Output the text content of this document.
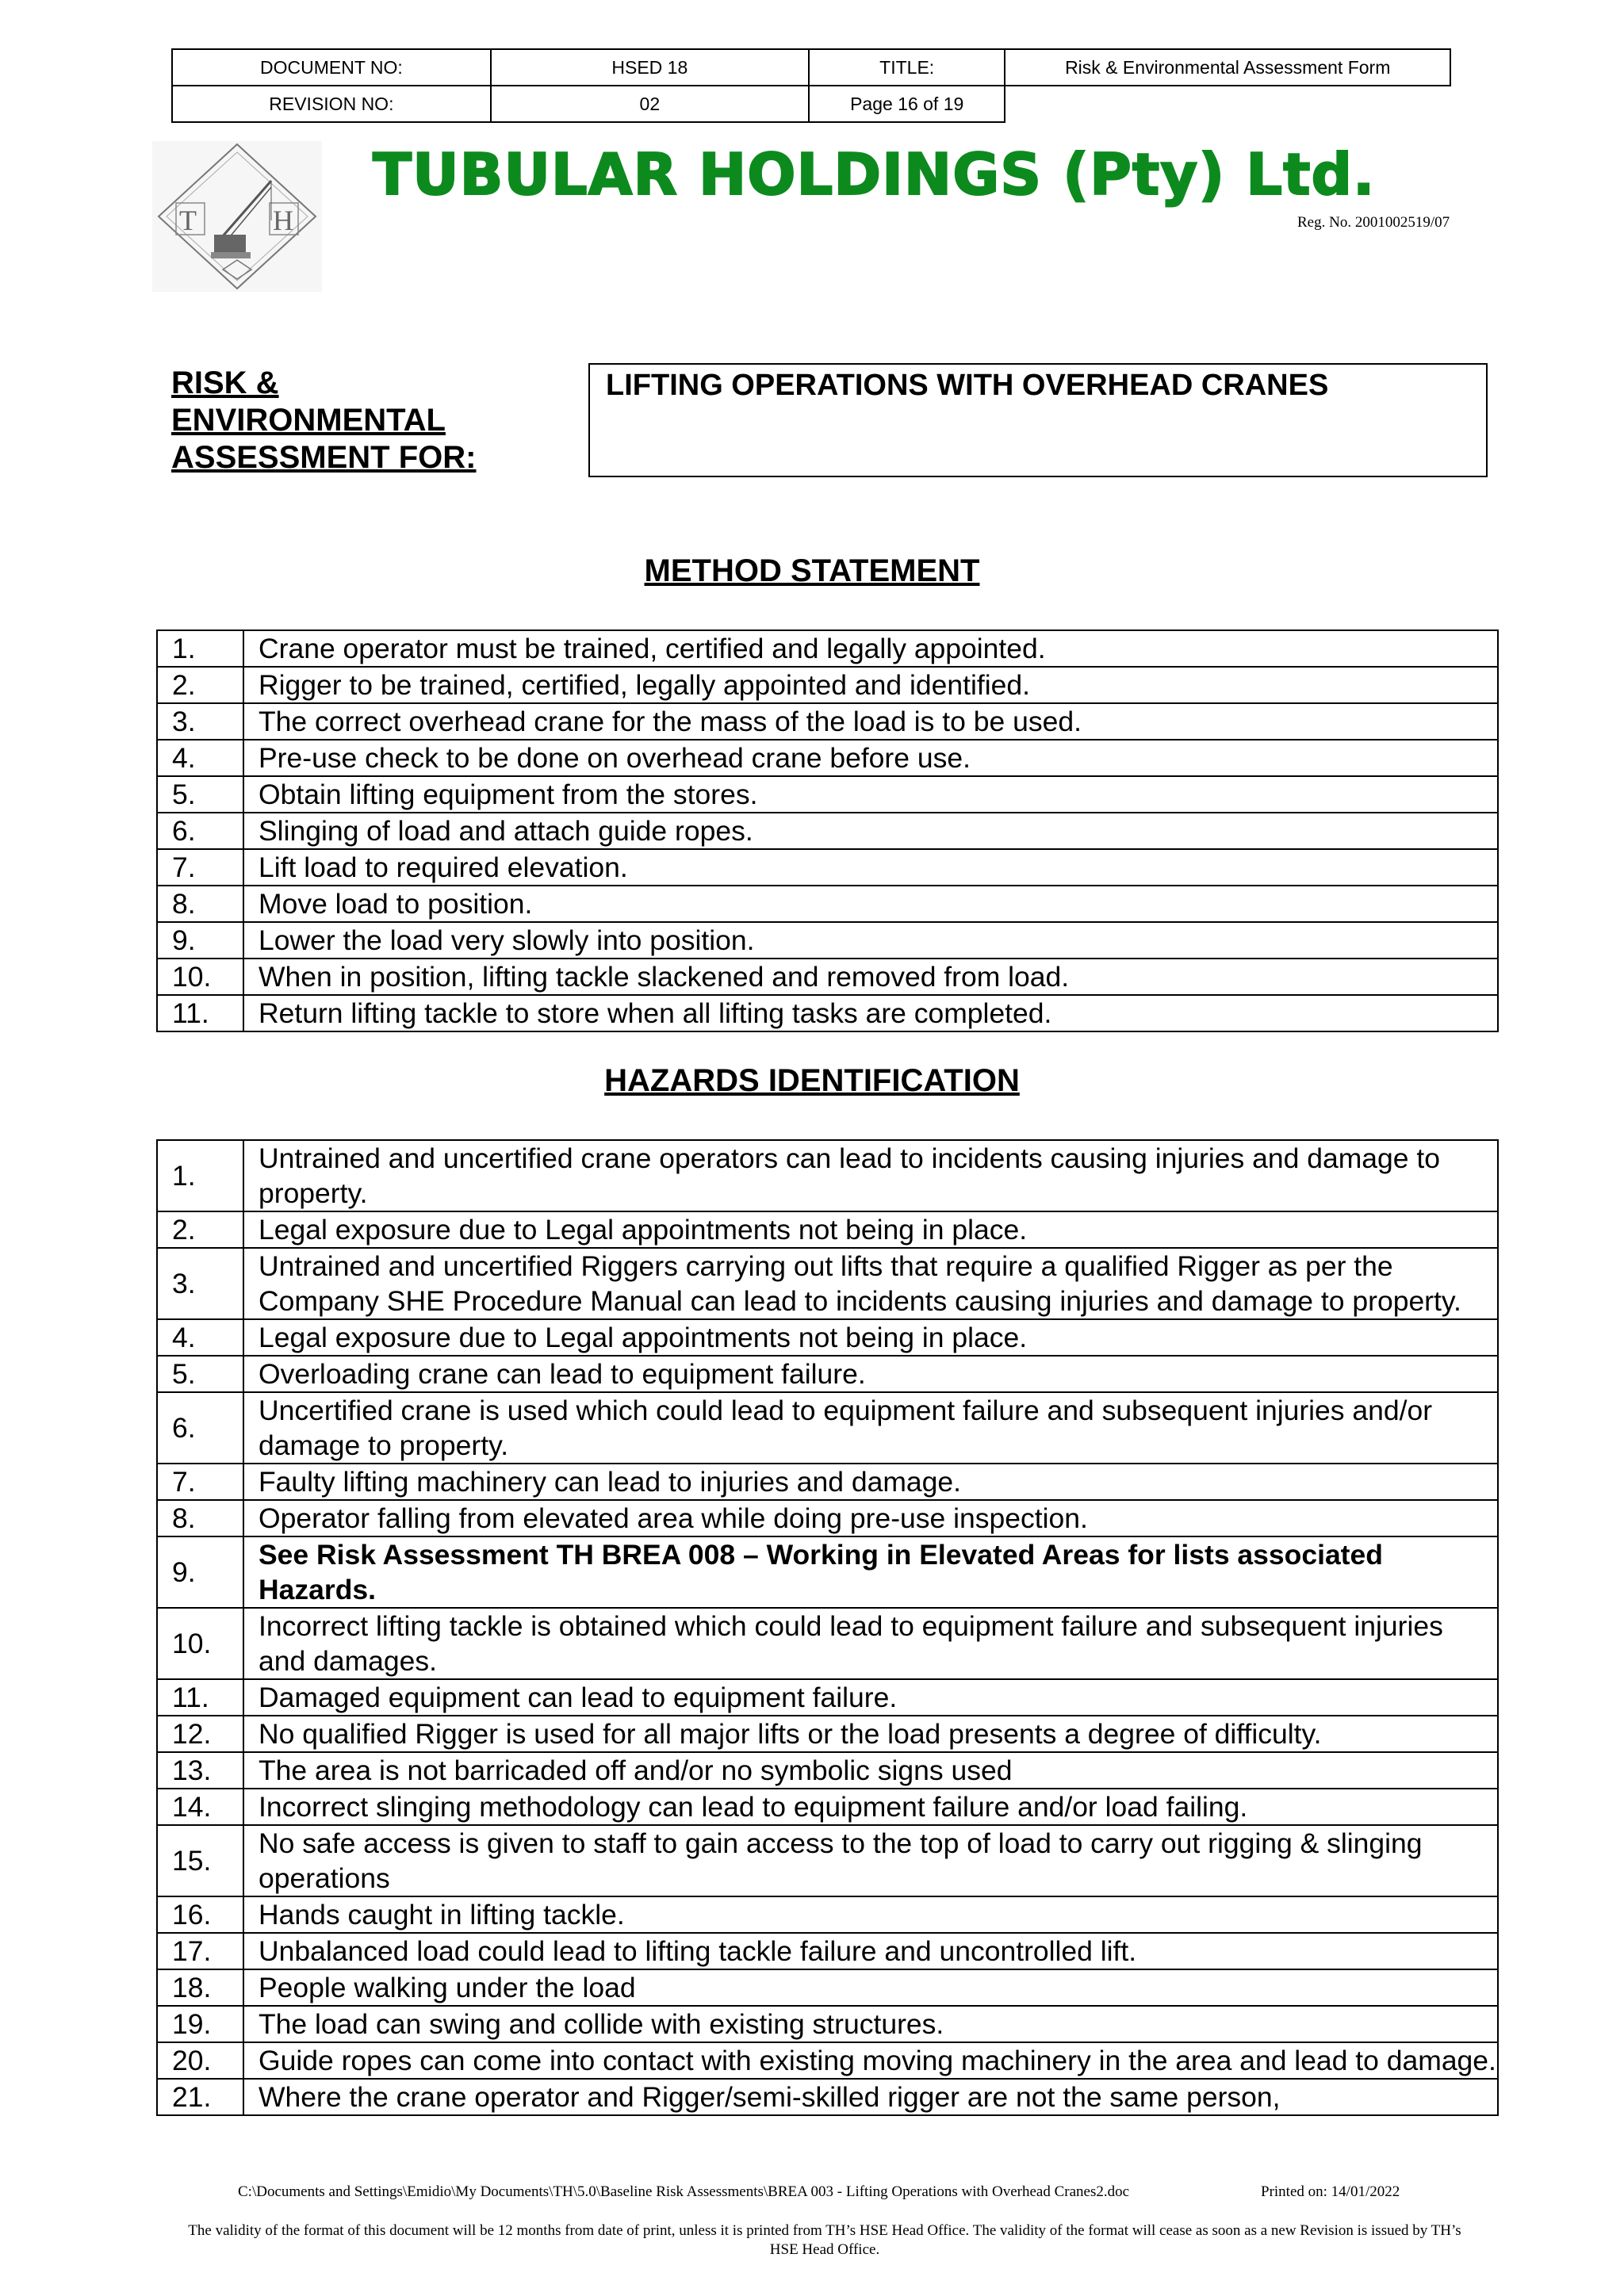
DOCUMENT NO:	HSED 18	TITLE:	Risk & Environmental Assessment Form
REVISION NO:	02	Page 16 of 19	
T	H
TUBULAR HOLDINGS (Pty) Ltd.
Reg. No. 2001002519/07
RISK &
ENVIRONMENTAL
ASSESSMENT FOR:
LIFTING OPERATIONS WITH OVERHEAD CRANES
METHOD STATEMENT
1.	Crane operator must be trained, certified and legally appointed.
2.	Rigger to be trained, certified, legally appointed and identified.
3.	The correct overhead crane for the mass of the load is to be used.
4.	Pre-use check to be done on overhead crane before use.
5.	Obtain lifting equipment from the stores.
6.	Slinging of load and attach guide ropes.
7.	Lift load to required elevation.
8.	Move load to position.
9.	Lower the load very slowly into position.
10.	When in position, lifting tackle slackened and removed from load.
11.	Return lifting tackle to store when all lifting tasks are completed.
HAZARDS IDENTIFICATION
1.	Untrained and uncertified crane operators can lead to incidents causing injuries and damage to property.
2.	Legal exposure due to Legal appointments not being in place.
3.	Untrained and uncertified Riggers carrying out lifts that require a qualified Rigger as per the Company SHE Procedure Manual can lead to incidents causing injuries and damage to property.
4.	Legal exposure due to Legal appointments not being in place.
5.	Overloading crane can lead to equipment failure.
6.	Uncertified crane is used which could lead to equipment failure and subsequent injuries and/or damage to property.
7.	Faulty lifting machinery can lead to injuries and damage.
8.	Operator falling from elevated area while doing pre-use inspection.
9.	See Risk Assessment TH BREA 008 – Working in Elevated Areas for lists associated Hazards.
10.	Incorrect lifting tackle is obtained which could lead to equipment failure and subsequent injuries and damages.
11.	Damaged equipment can lead to equipment failure.
12.	No qualified Rigger is used for all major lifts or the load presents a degree of difficulty.
13.	The area is not barricaded off and/or no symbolic signs used
14.	Incorrect slinging methodology can lead to equipment failure and/or load failing.
15.	No safe access is given to staff to gain access to the top of load to carry out rigging & slinging operations
16.	Hands caught in lifting tackle.
17.	Unbalanced load could lead to lifting tackle failure and uncontrolled lift.
18.	People walking under the load
19.	The load can swing and collide with existing structures.
20.	Guide ropes can come into contact with existing moving machinery in the area and lead to damage.
21.	Where the crane operator and Rigger/semi-skilled rigger are not the same person,
C:\Documents and Settings\Emidio\My Documents\TH\5.0\Baseline Risk Assessments\BREA 003 - Lifting Operations with Overhead Cranes2.doc	Printed on: 14/01/2022
The validity of the format of this document will be 12 months from date of print, unless it is printed from TH’s HSE Head Office. The validity of the format will cease as soon as a new Revision is issued by TH’s HSE Head Office.
